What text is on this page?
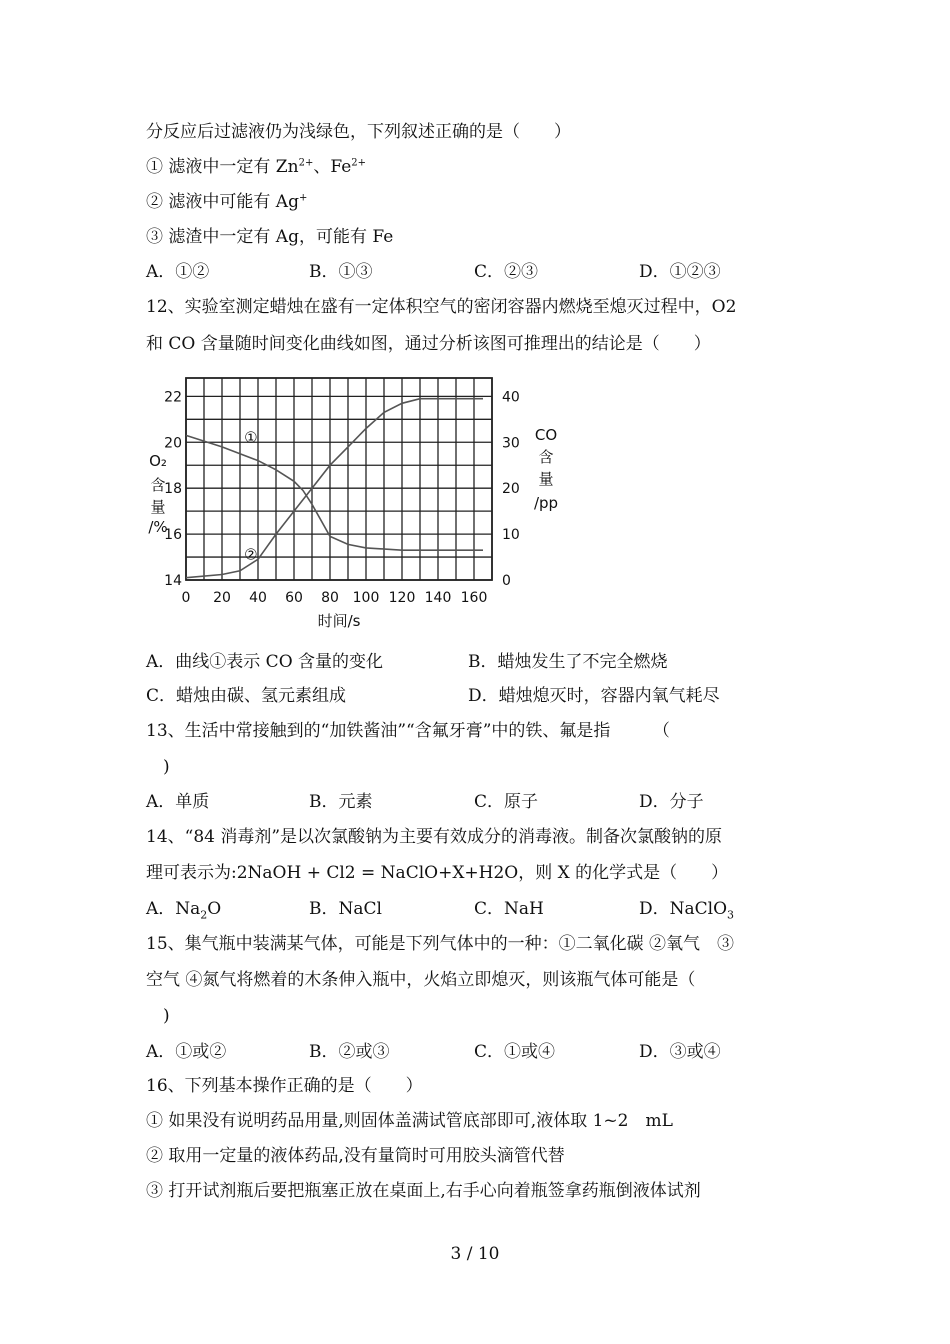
分反应后过滤液仍为浅绿色，下列叙述正确的是（　　）
① 滤液中一定有 $Zn^{2+}$、$Fe^{2+}$
② 滤液中可能有 Ag+
③ 滤渣中一定有 Ag，可能有 Fe
A．①②	B．①③	C．②③	D．①②③
12、实验室测定蜡烛在盛有一定体积空气的密闭容器内燃烧至熄灭过程中，O2
和 CO 含量随时间变化曲线如图，通过分析该图可推理出的结论是（　　）
0 20 40 60 80 100 120 140 160
14
16
18
20
22
0
10
20
30
40
时间/s
O₂
含
量
/%
CO
含
量
/pp
①
②
A．曲线①表示 CO 含量的变化	B．蜡烛发生了不完全燃烧
C．蜡烛由碳、氢元素组成	D．蜡烛熄灭时，容器内氧气耗尽
13、生活中常接触到的“加铁酱油”“含氟牙膏”中的铁、氟是指　　　（
　)
A．单质	B．元素	C．原子	D．分子
14、“84 消毒剂”是以次氯酸钠为主要有效成分的消毒液。制备次氯酸钠的原
理可表示为:2NaOH + Cl2 = NaClO+X+H2O，则 X 的化学式是（　　）
A．$Na_2O$	B．NaCl	C．NaH	D．NaClO$_3$
15、集气瓶中装满某气体，可能是下列气体中的一种：①二氧化碳 ②氧气　③
空气 ④氮气将燃着的木条伸入瓶中，火焰立即熄灭，则该瓶气体可能是（
　)
A．①或②	B．②或③	C．①或④	D．③或④
16、下列基本操作正确的是（　　）
① 如果没有说明药品用量,则固体盖满试管底部即可,液体取 1~2　mL
② 取用一定量的液体药品,没有量筒时可用胶头滴管代替
③ 打开试剂瓶后要把瓶塞正放在桌面上,右手心向着瓶签拿药瓶倒液体试剂
3 / 10
